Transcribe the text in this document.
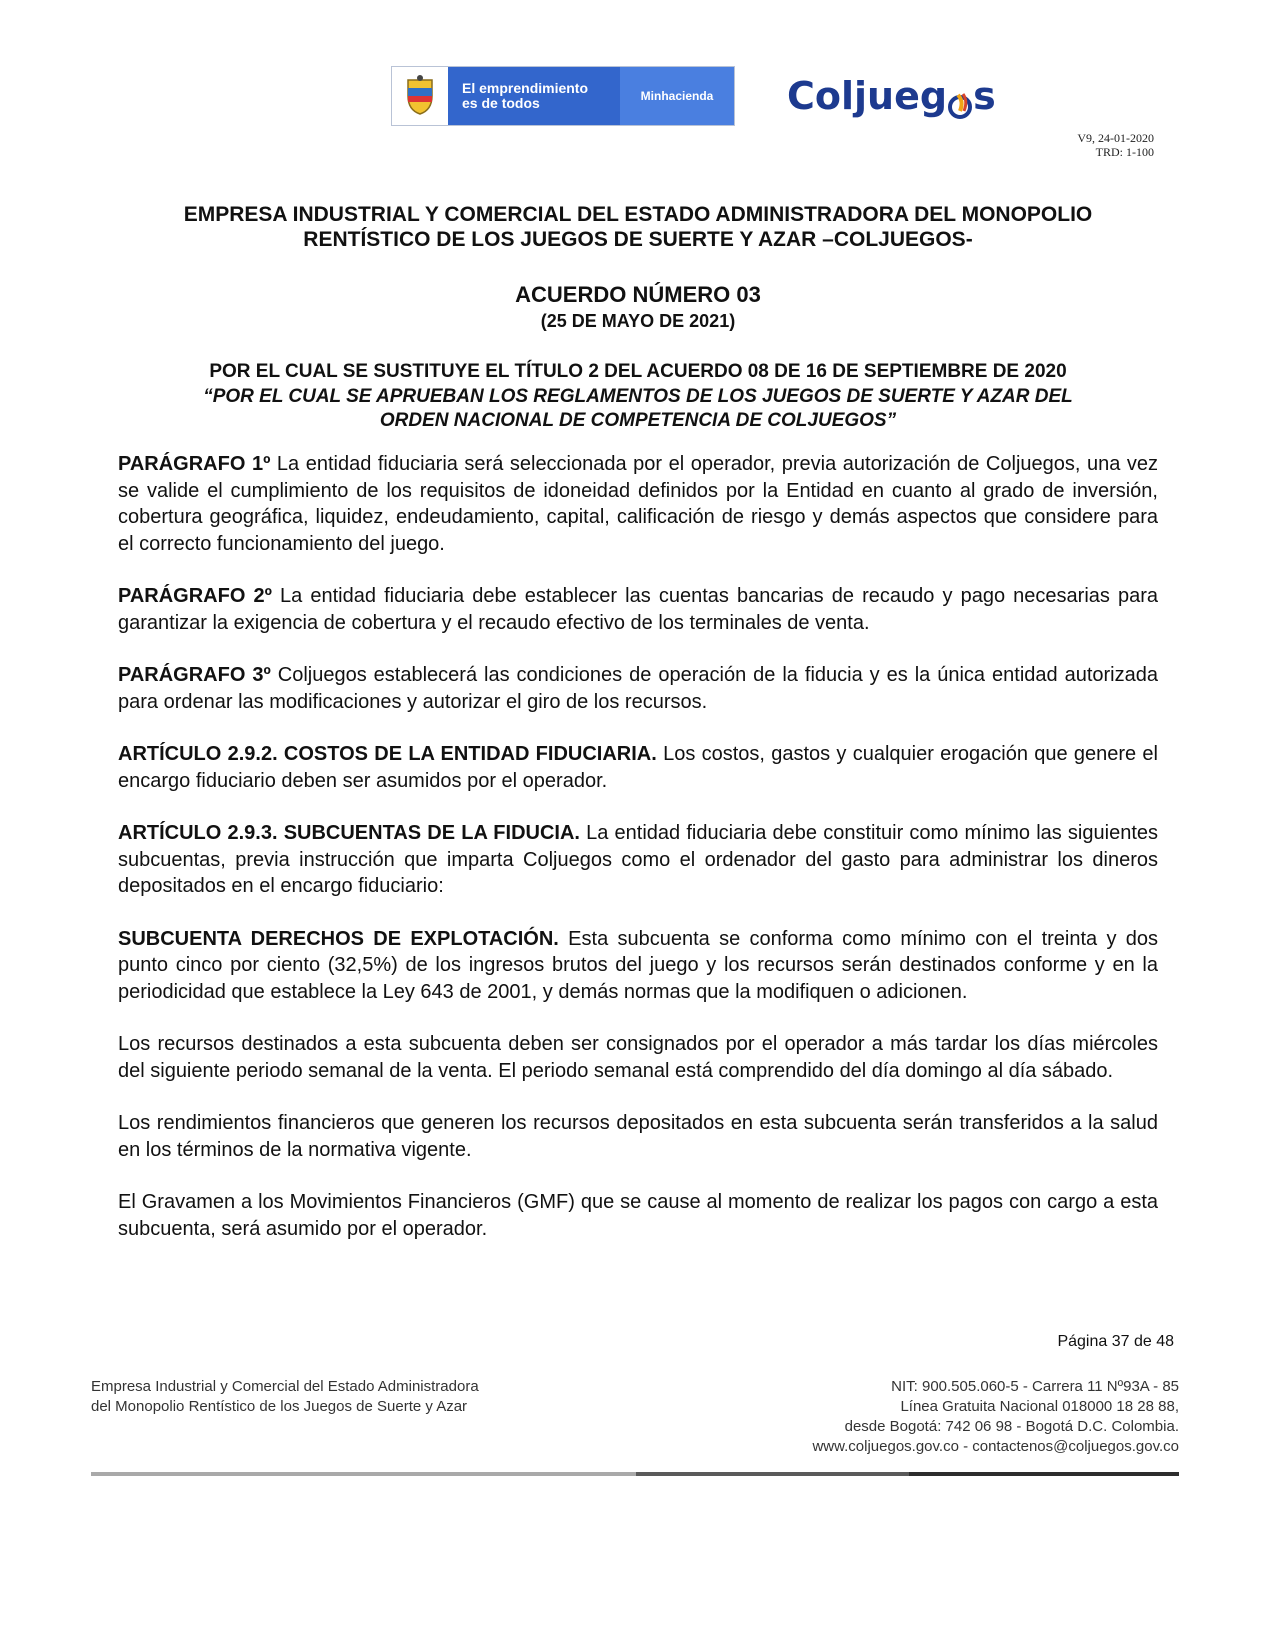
El emprendimiento
es de todos	Minhacienda	Colj ueg s
V9, 24-01-2020
TRD: 1-100
EMPRESA INDUSTRIAL Y COMERCIAL DEL ESTADO ADMINISTRADORA DEL MONOPOLIO
RENTÍSTICO DE LOS JUEGOS DE SUERTE Y AZAR –COLJUEGOS-
ACUERDO NÚMERO 03
(25 DE MAYO DE 2021)
POR EL CUAL SE SUSTITUYE EL TÍTULO 2 DEL ACUERDO 08 DE 16 DE SEPTIEMBRE DE 2020
“POR EL CUAL SE APRUEBAN LOS REGLAMENTOS DE LOS JUEGOS DE SUERTE Y AZAR DEL
ORDEN NACIONAL DE COMPETENCIA DE COLJUEGOS”

PARÁGRAFO 1º La entidad fiduciaria será seleccionada por el operador, previa autorización de Coljuegos, una vez se valide el cumplimiento de los requisitos de idoneidad definidos por la Entidad en cuanto al grado de inversión, cobertura geográfica, liquidez, endeudamiento, capital, calificación de riesgo y demás aspectos que considere para el correcto funcionamiento del juego.

PARÁGRAFO 2º La entidad fiduciaria debe establecer las cuentas bancarias de recaudo y pago necesarias para garantizar la exigencia de cobertura y el recaudo efectivo de los terminales de venta.

PARÁGRAFO 3º Coljuegos establecerá las condiciones de operación de la fiducia y es la única entidad autorizada para ordenar las modificaciones y autorizar el giro de los recursos.

ARTÍCULO 2.9.2. COSTOS DE LA ENTIDAD FIDUCIARIA. Los costos, gastos y cualquier erogación que genere el encargo fiduciario deben ser asumidos por el operador.

ARTÍCULO 2.9.3. SUBCUENTAS DE LA FIDUCIA. La entidad fiduciaria debe constituir como mínimo las siguientes subcuentas, previa instrucción que imparta Coljuegos como el ordenador del gasto para administrar los dineros depositados en el encargo fiduciario:

SUBCUENTA DERECHOS DE EXPLOTACIÓN. Esta subcuenta se conforma como mínimo con el treinta y dos punto cinco por ciento (32,5%) de los ingresos brutos del juego y los recursos serán destinados conforme y en la periodicidad que establece la Ley 643 de 2001, y demás normas que la modifiquen o adicionen.

Los recursos destinados a esta subcuenta deben ser consignados por el operador a más tardar los días miércoles del siguiente periodo semanal de la venta. El periodo semanal está comprendido del día domingo al día sábado.

Los rendimientos financieros que generen los recursos depositados en esta subcuenta serán transferidos a la salud en los términos de la normativa vigente.

El Gravamen a los Movimientos Financieros (GMF) que se cause al momento de realizar los pagos con cargo a esta subcuenta, será asumido por el operador.

Página 37 de 48
Empresa Industrial y Comercial del Estado Administradora
del Monopolio Rentístico de los Juegos de Suerte y Azar
NIT: 900.505.060-5 - Carrera 11 Nº93A - 85
Línea Gratuita Nacional 018000 18 28 88,
desde Bogotá: 742 06 98 - Bogotá D.C. Colombia.
www.coljuegos.gov.co - contactenos@coljuegos.gov.co
